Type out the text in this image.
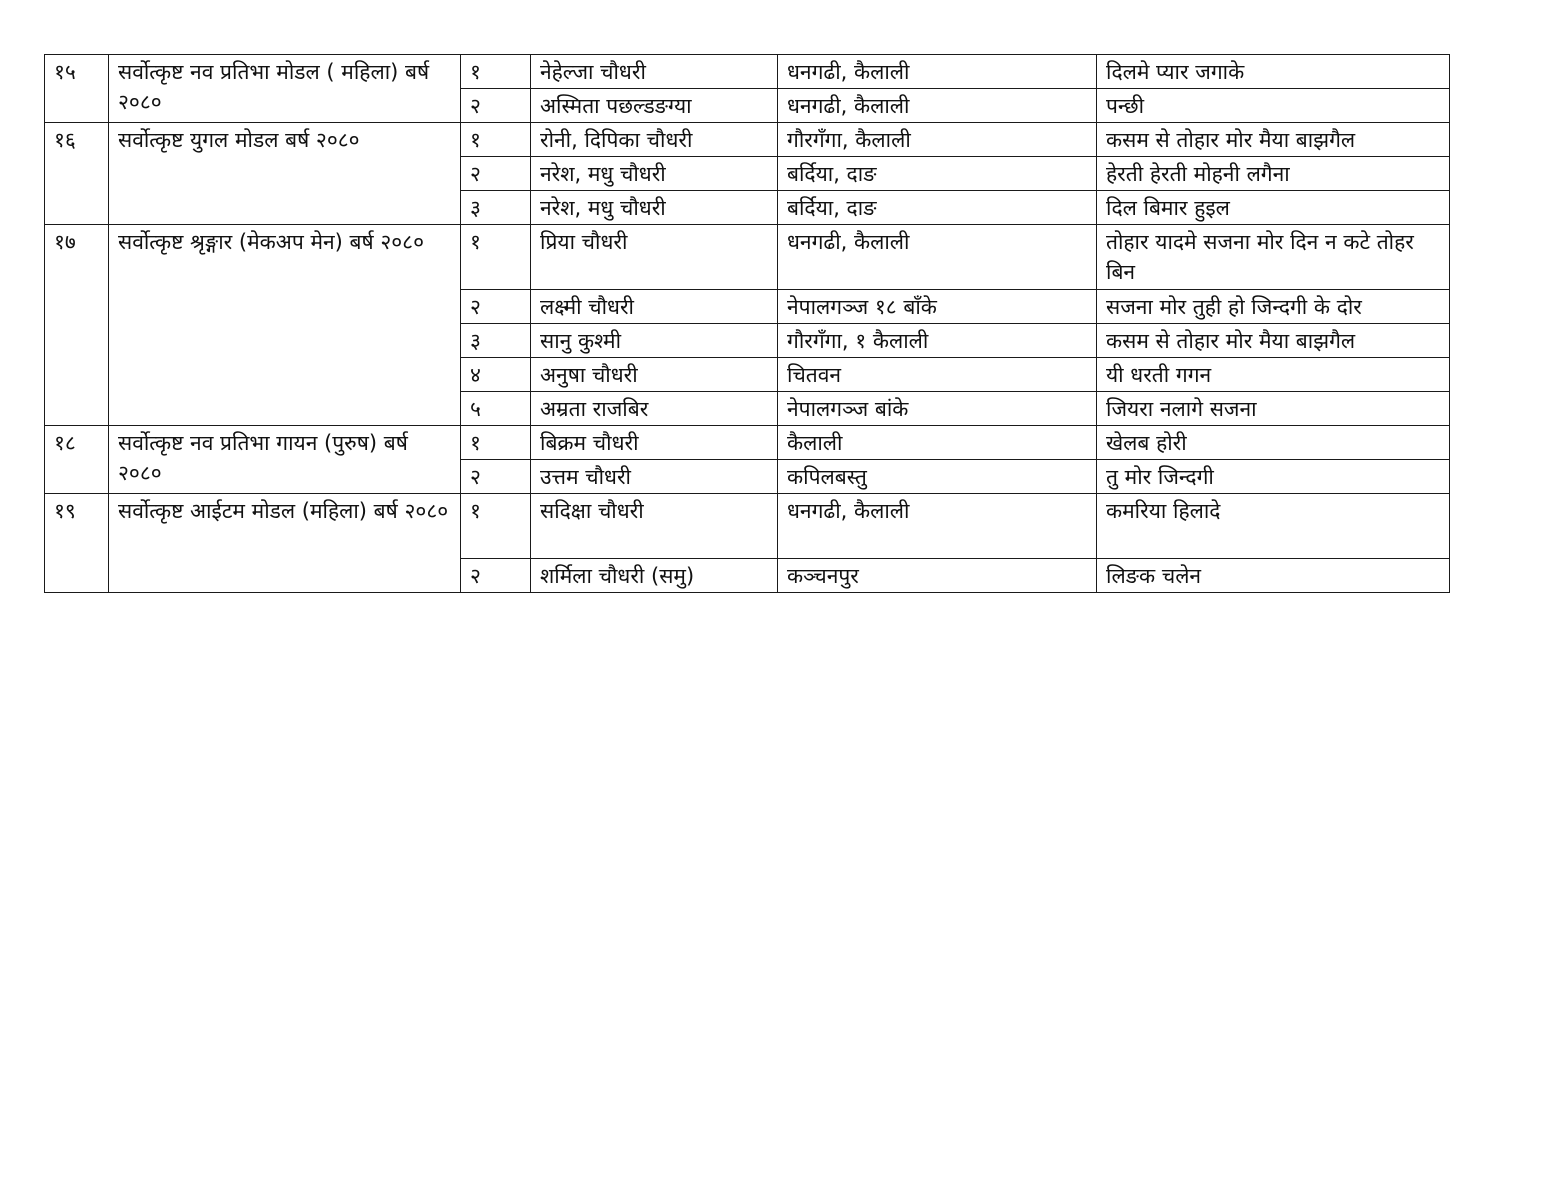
१५	सर्वोत्कृष्ट नव प्रतिभा मोडल ( महिला) बर्ष २०८०	१	नेहेल्जा चौधरी	धनगढी, कैलाली	दिलमे प्यार जगाके
		२	अस्मिता पछल्डङग्या	धनगढी, कैलाली	पन्छी
१६	सर्वोत्कृष्ट युगल मोडल बर्ष २०८०	१	रोनी, दिपिका चौधरी	गौरगँगा, कैलाली	कसम से तोहार मोर मैया बाझगैल
		२	नरेश, मधु चौधरी	बर्दिया, दाङ	हेरती हेरती मोहनी लगैना
		३	नरेश, मधु चौधरी	बर्दिया, दाङ	दिल बिमार हुइल
१७	सर्वोत्कृष्ट श्रृङ्गार (मेकअप मेन) बर्ष २०८०	१	प्रिया चौधरी	धनगढी, कैलाली	तोहार यादमे सजना मोर दिन न कटे तोहर बिन
		२	लक्ष्मी चौधरी	नेपालगञ्ज १८ बाँके	सजना मोर तुही हो जिन्दगी के दोर
		३	सानु कुश्मी	गौरगँगा, १ कैलाली	कसम से तोहार मोर मैया बाझगैल
		४	अनुषा चौधरी	चितवन	यी धरती गगन
		५	अम्रता राजबिर	नेपालगञ्ज बांके	जियरा नलागे सजना
१८	सर्वोत्कृष्ट नव प्रतिभा गायन (पुरुष) बर्ष २०८०	१	बिक्रम चौधरी	कैलाली	खेलब होरी
		२	उत्तम चौधरी	कपिलबस्तु	तु मोर जिन्दगी
१९	सर्वोत्कृष्ट आईटम मोडल (महिला) बर्ष २०८०	१	सदिक्षा चौधरी	धनगढी, कैलाली	कमरिया हिलादे
		२	शर्मिला चौधरी (समु)	कञ्चनपुर	लिङक चलेन
